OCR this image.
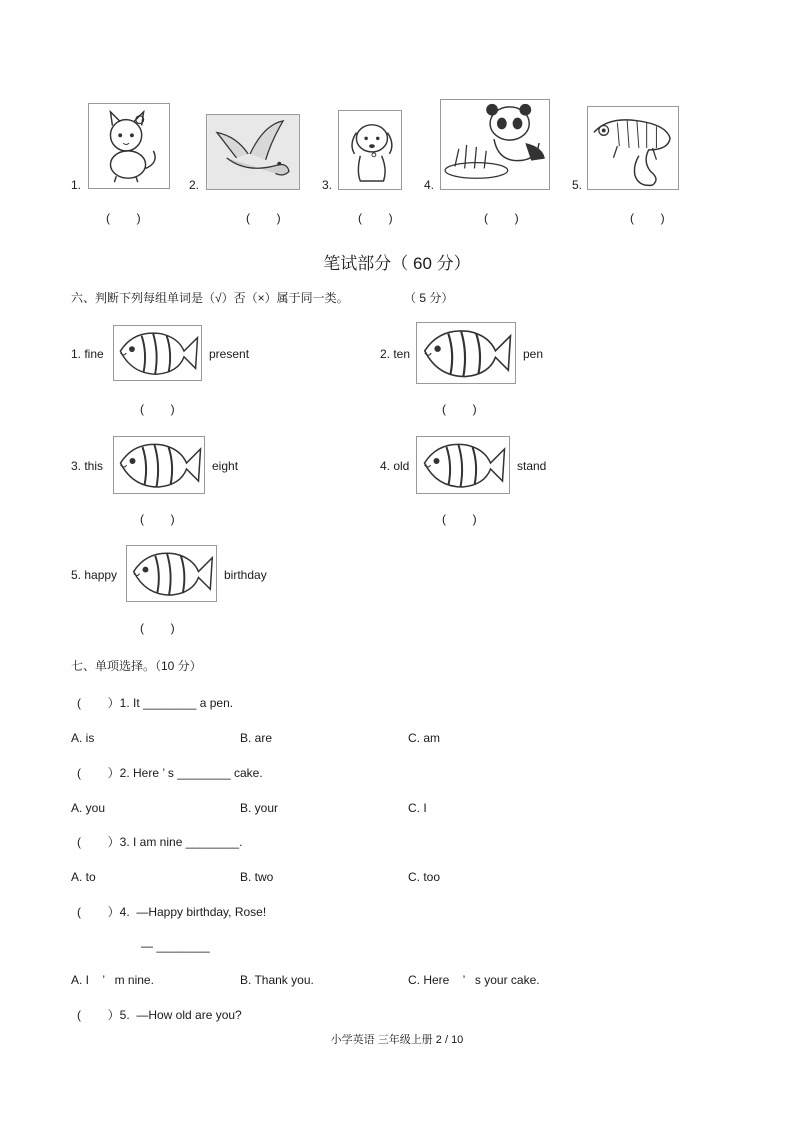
1.
(        )
2.
(        )
3.
(        )
4.
(        )
5.
(        )
笔试部分（ 60 分）
六、判断下列每组单词是（√）否（×）属于同一类。	（ 5 分）
1. fine	present
(        )
2. ten	pen
(        )
3. this	eight
(        )
4. old	stand
(        )
5. happy	birthday
(        )
七、单项选择。（10 分）
(        ）1. It ________ a pen.
A. is	B. are	C. am
(        ）2. Here ’ s ________ cake.
A. you	B. your	C. I
(        ）3. I am nine ________.
A. to	B. two	C. too
(        ）4.  —Happy birthday, Rose!
— ________
A. I    ’   m nine.	B. Thank you.	C. Here    ’   s your cake.
(        ）5.  —How old are you?
小学英语 三年级上册 2 / 10
